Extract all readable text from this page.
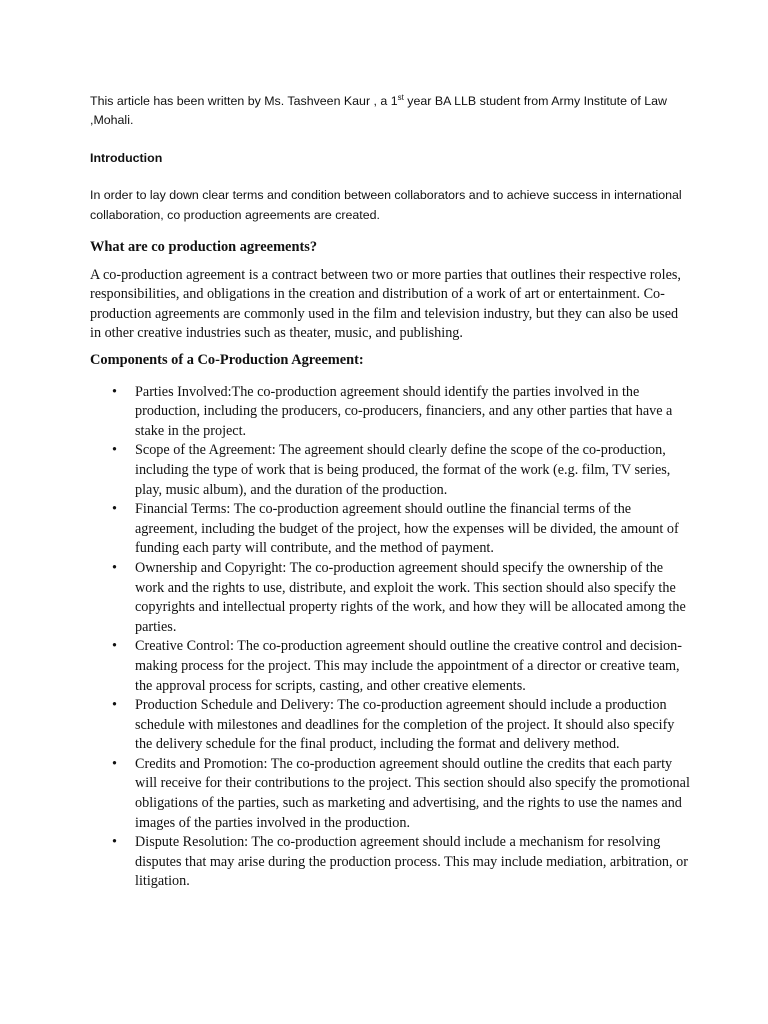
This article has been written by Ms. Tashveen Kaur , a 1st year BA LLB student from Army Institute of Law ,Mohali.

Introduction

In order to lay down clear terms and condition between collaborators and to achieve success in international collaboration, co production agreements are created.

What are co production agreements?

A co-production agreement is a contract between two or more parties that outlines their respective roles, responsibilities, and obligations in the creation and distribution of a work of art or entertainment. Co-production agreements are commonly used in the film and television industry, but they can also be used in other creative industries such as theater, music, and publishing.

Components of a Co-Production Agreement:

• Parties Involved:The co-production agreement should identify the parties involved in the production, including the producers, co-producers, financiers, and any other parties that have a stake in the project.
• Scope of the Agreement: The agreement should clearly define the scope of the co-production, including the type of work that is being produced, the format of the work (e.g. film, TV series, play, music album), and the duration of the production.
• Financial Terms: The co-production agreement should outline the financial terms of the agreement, including the budget of the project, how the expenses will be divided, the amount of funding each party will contribute, and the method of payment.
• Ownership and Copyright: The co-production agreement should specify the ownership of the work and the rights to use, distribute, and exploit the work. This section should also specify the copyrights and intellectual property rights of the work, and how they will be allocated among the parties.
• Creative Control: The co-production agreement should outline the creative control and decision-making process for the project. This may include the appointment of a director or creative team, the approval process for scripts, casting, and other creative elements.
• Production Schedule and Delivery: The co-production agreement should include a production schedule with milestones and deadlines for the completion of the project. It should also specify the delivery schedule for the final product, including the format and delivery method.
• Credits and Promotion: The co-production agreement should outline the credits that each party will receive for their contributions to the project. This section should also specify the promotional obligations of the parties, such as marketing and advertising, and the rights to use the names and images of the parties involved in the production.
• Dispute Resolution: The co-production agreement should include a mechanism for resolving disputes that may arise during the production process. This may include mediation, arbitration, or litigation.
